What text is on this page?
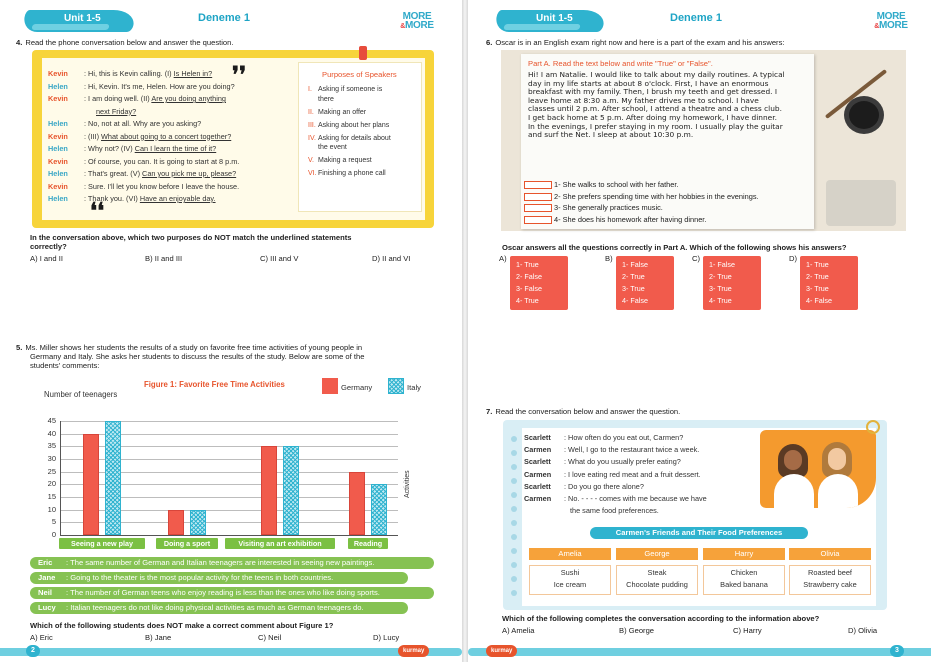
Unit 1-5	Deneme 1	MORE
&MORE
4. Read the phone conversation below and answer the question.
❜❜
❛❛
Kevin : Hi, this is Kevin calling. (I) Is Helen in?
Helen : Hi, Kevin. It's me, Helen. How are you doing?
Kevin : I am doing well. (II) Are you doing anything
next Friday?
Helen : No, not at all. Why are you asking?
Kevin : (III) What about going to a concert together?
Helen : Why not? (IV) Can I learn the time of it?
Kevin : Of course, you can. It is going to start at 8 p.m.
Helen : That's great. (V) Can you pick me up, please?
Kevin : Sure. I'll let you know before I leave the house.
Helen : Thank you. (VI) Have an enjoyable day.
Purposes of Speakers
I. Asking if someone is
there
II. Making an offer
III. Asking about her plans
IV. Asking for details about
the event
V. Making a request
VI.Finishing a phone call
In the conversation above, which two purposes do NOT match the underlined statements
correctly?
A) I and II	B) II and III	C) III and V	D) II and VI
5. Ms. Miller shows her students the results of a study on favorite free time activities of young people in
Germany and Italy. She asks her students to discuss the results of the study. Below are some of the
students' comments:
Figure 1: Favorite Free Time Activities	Germany	Italy
Number of teenagers
Activities
0
5
10
15
20
25
30
35
40
45
Seeing a new play	Doing a sport	Visiting an art exhibition	Reading
Eric : The same number of German and Italian teenagers are interested in seeing new paintings.
Jane : Going to the theater is the most popular activity for the teens in both countries.
Neil : The number of German teens who enjoy reading is less than the ones who like doing sports.
Lucy : Italian teenagers do not like doing physical activities as much as German teenagers do.
Which of the following students does NOT make a correct comment about Figure 1?
A) Eric	B) Jane	C) Neil	D) Lucy
Unit 1-5	Deneme 1	MORE
&MORE
6. Oscar is in an English exam right now and here is a part of the exam and his answers:
Part A. Read the text below and write "True" or "False".
Hi! I am Natalie. I would like to talk about my daily routines. A typical
day in my life starts at about 8 o'clock. First, I have an enormous
breakfast with my family. Then, I brush my teeth and get dressed. I
leave home at 8:30 a.m. My father drives me to school. I have
classes until 2 p.m. After school, I attend a theatre and a chess club.
I get back home at 5 p.m. After doing my homework, I have dinner.
In the evenings, I prefer staying in my room. I usually play the guitar
and surf the Net. I sleep at about 10:30 p.m.
1- She walks to school with her father.
2- She prefers spending time with her hobbies in the evenings.
3- She generally practices music.
4- She does his homework after having dinner.
Oscar answers all the questions correctly in Part A. Which of the following shows his answers?
A)
1- True
2- False
3- False
4- True
B)
1- False
2- True
3- True
4- False
C)
1- False
2- True
3- True
4- True
D)
1- True
2- True
3- True
4- False
7. Read the conversation below and answer the question.
Scarlett : How often do you eat out, Carmen?
Carmen : Well, I go to the restaurant twice a week.
Scarlett : What do you usually prefer eating?
Carmen : I love eating red meat and a fruit dessert.
Scarlett : Do you go there alone?
Carmen : No. - - - - comes with me because we have
the same food preferences.
Carmen's Friends and Their Food Preferences
Amelia
Sushi
Ice cream
George
Steak
Chocolate pudding
Harry
Chicken
Baked banana
Olivia
Roasted beef
Strawberry cake
Which of the following completes the conversation according to the information above?
A) Amelia	B) George	C) Harry	D) Olivia
2	kurmay	kurmay	3
